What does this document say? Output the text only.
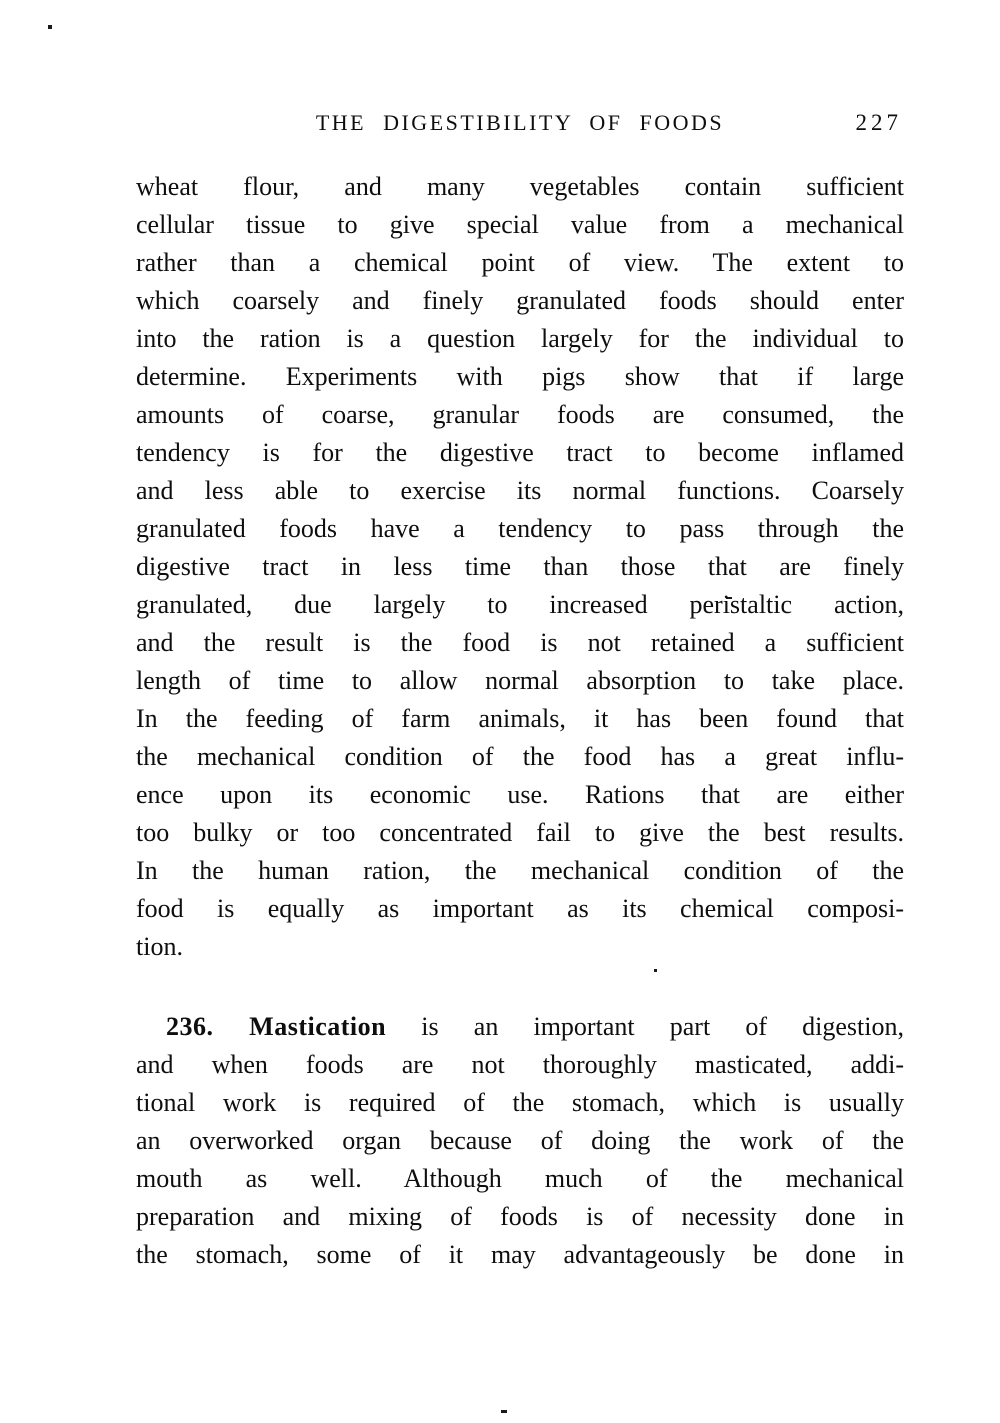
THE DIGESTIBILITY OF FOODS	227
wheat flour, and many vegetables contain sufficient
cellular tissue to give special value from a mechanical
rather than a chemical point of view. The extent to
which coarsely and finely granulated foods should enter
into the ration is a question largely for the individual to
determine. Experiments with pigs show that if large
amounts of coarse, granular foods are consumed, the
tendency is for the digestive tract to become inflamed
and less able to exercise its normal functions. Coarsely
granulated foods have a tendency to pass through the
digestive tract in less time than those that are finely
granulated, due largely to increased peristaltic action,
and the result is the food is not retained a sufficient
length of time to allow normal absorption to take place.
In the feeding of farm animals, it has been found that
the mechanical condition of the food has a great influ-
ence upon its economic use. Rations that are either
too bulky or too concentrated fail to give the best results.
In the human ration, the mechanical condition of the
food is equally as important as its chemical composi-
tion.
236. Mastication is an important part of digestion,
and when foods are not thoroughly masticated, addi-
tional work is required of the stomach, which is usually
an overworked organ because of doing the work of the
mouth as well. Although much of the mechanical
preparation and mixing of foods is of necessity done in
the stomach, some of it may advantageously be done in
